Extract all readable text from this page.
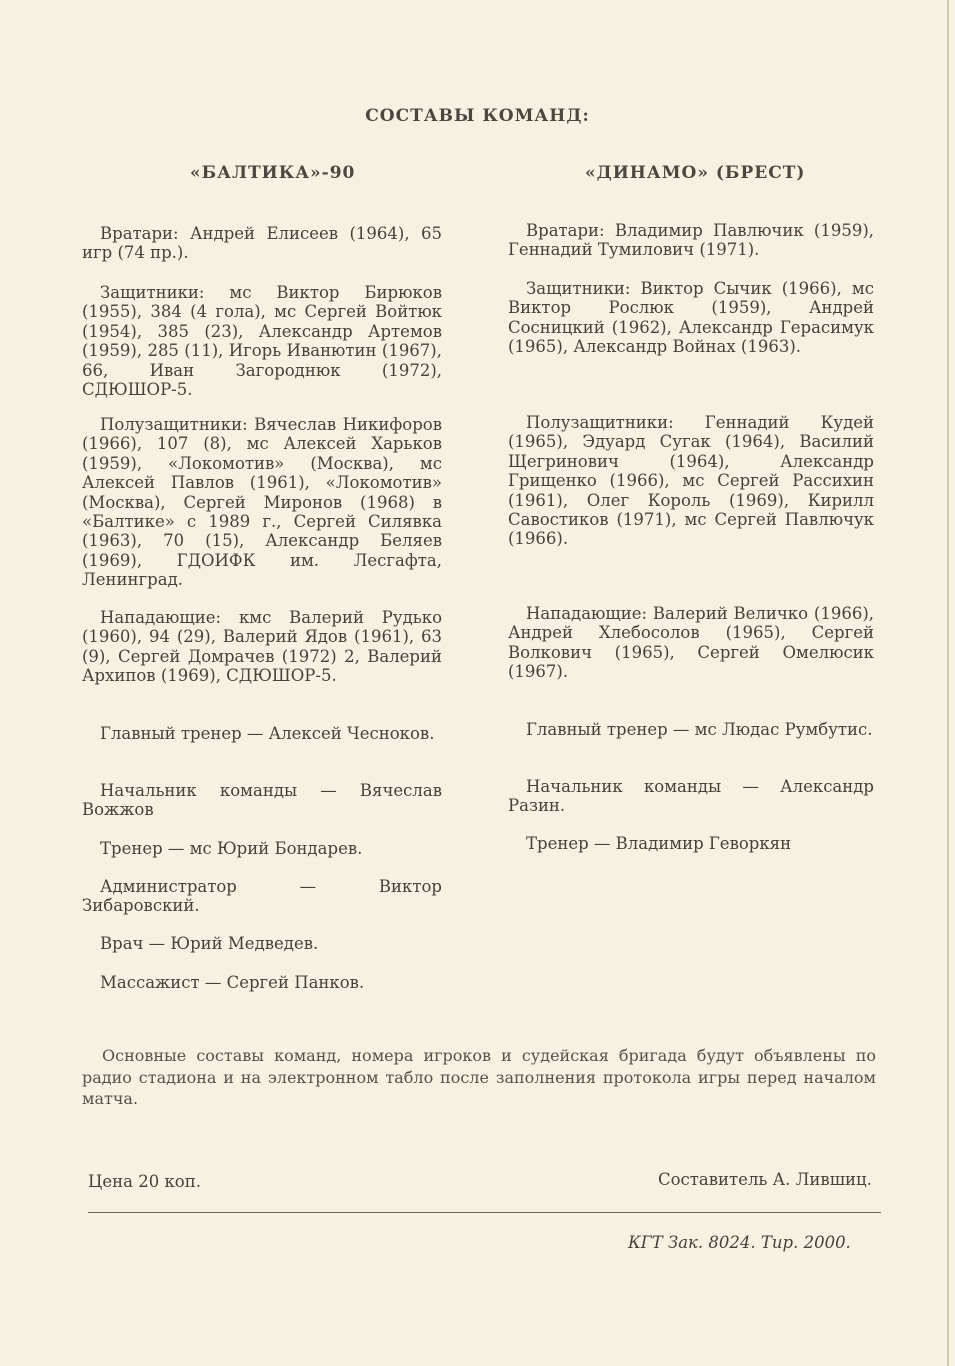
СОСТАВЫ КОМАНД:
«БАЛТИКА»-90	«ДИНАМО» (БРЕСТ)
Вратари: Андрей Елисеев (1964), 65 игр (74 пр.).
Защитники: мс Виктор Бирюков (1955), 384 (4 гола), мс Сергей Войтюк (1954), 385 (23), Александр Артемов (1959), 285 (11), Игорь Иванютин (1967), 66, Иван Загороднюк (1972), СДЮШОР-5.
Полузащитники: Вячеслав Никифоров (1966), 107 (8), мс Алексей Харьков (1959), «Локомотив» (Москва), мс Алексей Павлов (1961), «Локомотив» (Москва), Сергей Миронов (1968) в «Балтике» с 1989 г., Сергей Силявка (1963), 70 (15), Александр Беляев (1969), ГДОИФК им. Лесгафта, Ленинград.
Нападающие: кмс Валерий Рудько (1960), 94 (29), Валерий Ядов (1961), 63 (9), Сергей Домрачев (1972) 2, Валерий Архипов (1969), СДЮШОР-5.
Главный тренер — Алексей Чесноков.
Начальник команды — Вячеслав Вожжов
Тренер — мс Юрий Бондарев.
Администратор — Виктор Зибаровский.
Врач — Юрий Медведев.
Массажист — Сергей Панков.
Вратари: Владимир Павлючик (1959), Геннадий Тумилович (1971).
Защитники: Виктор Сычик (1966), мс Виктор Рослюк (1959), Андрей Сосницкий (1962), Александр Герасимук (1965), Александр Войнах (1963).
Полузащитники: Геннадий Кудей (1965), Эдуард Сугак (1964), Василий Щегринович (1964), Александр Грищенко (1966), мс Сергей Рассихин (1961), Олег Король (1969), Кирилл Савостиков (1971), мс Сергей Павлючук (1966).
Нападающие: Валерий Величко (1966), Андрей Хлебосолов (1965), Сергей Волкович (1965), Сергей Омелюсик (1967).
Главный тренер — мс Людас Румбутис.
Начальник команды — Александр Разин.
Тренер — Владимир Геворкян
Основные составы команд, номера игроков и судейская бригада будут объявлены по радио стадиона и на электронном табло после заполнения протокола игры перед началом матча.
Цена 20 коп.	Составитель А. Лившиц.
КГТ Зак. 8024. Тир. 2000.
